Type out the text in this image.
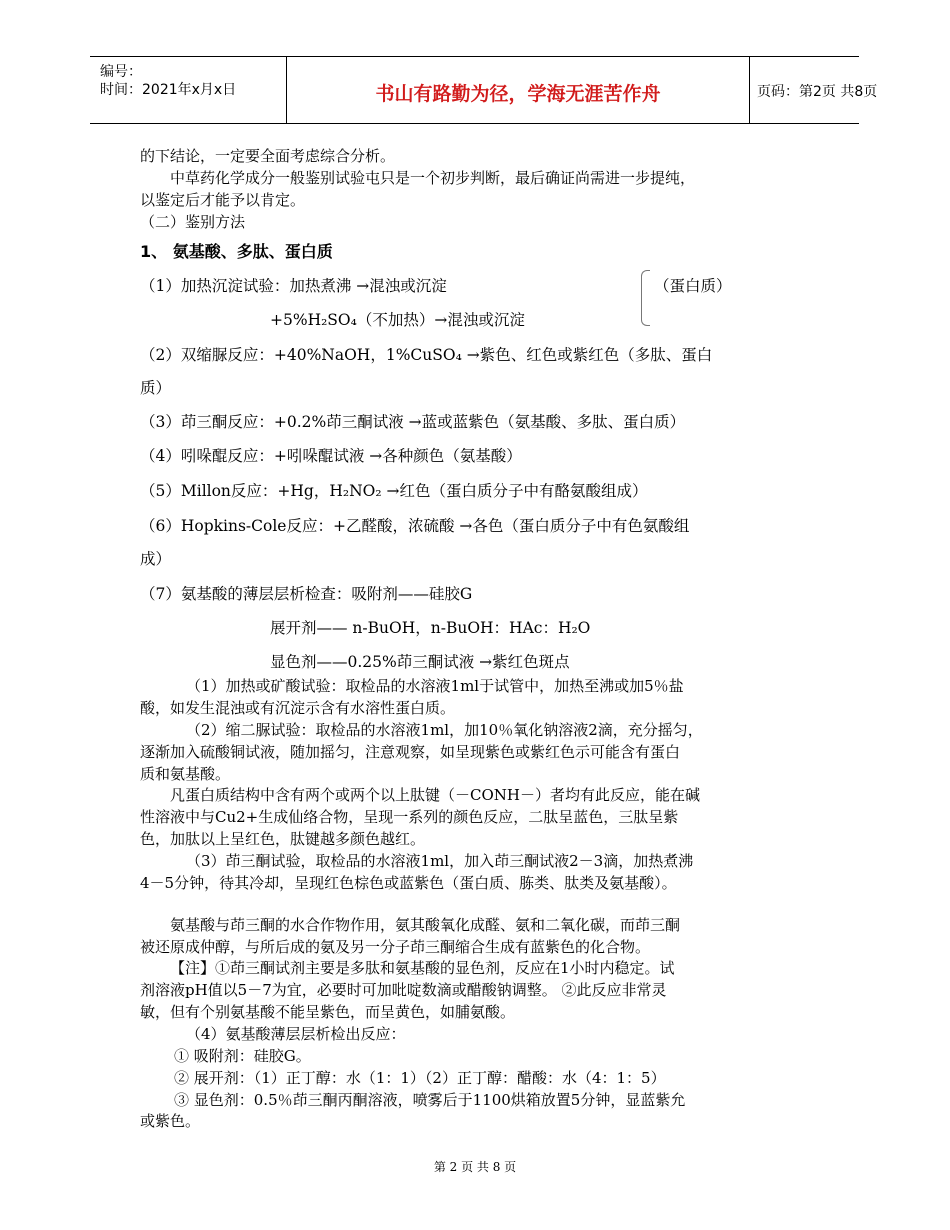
编号：
时间：2021年x月x日	书山有路勤为径，学海无涯苦作舟	页码：第2页 共8页
的下结论，一定要全面考虑综合分析。
中草药化学成分一般鉴别试验屯只是一个初步判断，最后确证尚需进一步提纯，
以鉴定后才能予以肯定。
（二）鉴别方法
1、 氨基酸、多肽、蛋白质
（1）加热沉淀试验：加热煮沸 →混浊或沉淀	（蛋白质）
+5%H₂SO₄（不加热）→混浊或沉淀
（2）双缩脲反应：+40%NaOH，1%CuSO₄ →紫色、红色或紫红色（多肽、蛋白
质）
（3）茚三酮反应：+0.2%茚三酮试液 →蓝或蓝紫色（氨基酸、多肽、蛋白质）
（4）吲哚醌反应：+吲哚醌试液 →各种颜色（氨基酸）
（5）Millon反应：+Hg，H₂NO₂ →红色（蛋白质分子中有酪氨酸组成）
（6）Hopkins-Cole反应：+乙醛酸，浓硫酸 →各色（蛋白质分子中有色氨酸组
成）
（7）氨基酸的薄层层析检查：吸附剂——硅胶G
展开剂—— n-BuOH，n-BuOH：HAc：H₂O
显色剂——0.25%茚三酮试液 →紫红色斑点
（1）加热或矿酸试验：取检品的水溶液1ml于试管中，加热至沸或加5％盐
酸，如发生混浊或有沉淀示含有水溶性蛋白质。
（2）缩二脲试验：取检品的水溶液1ml，加10％氧化钠溶液2滴，充分摇匀，
逐渐加入硫酸铜试液，随加摇匀，注意观察，如呈现紫色或紫红色示可能含有蛋白
质和氨基酸。
凡蛋白质结构中含有两个或两个以上肽键（－CONH－）者均有此反应，能在碱
性溶液中与Cu2+生成仙络合物，呈现一系列的颜色反应，二肽呈蓝色，三肽呈紫
色，加肽以上呈红色，肽键越多颜色越红。
（3）茚三酮试验，取检品的水溶液1ml，加入茚三酮试液2－3滴，加热煮沸
4－5分钟，待其冷却，呈现红色棕色或蓝紫色（蛋白质、胨类、肽类及氨基酸）。
氨基酸与茚三酮的水合作物作用，氨其酸氧化成醛、氨和二氧化碳，而茚三酮
被还原成仲醇，与所后成的氨及另一分子茚三酮缩合生成有蓝紫色的化合物。
【注】①茚三酮试剂主要是多肽和氨基酸的显色剂，反应在1小时内稳定。试
剂溶液pH值以5－7为宜，必要时可加吡啶数滴或醋酸钠调整。 ②此反应非常灵
敏，但有个别氨基酸不能呈紫色，而呈黄色，如脯氨酸。
（4）氨基酸薄层层析检出反应：
① 吸附剂：硅胶G。
② 展开剂：（1）正丁醇：水（1：1）（2）正丁醇：醋酸：水（4：1：5）
③ 显色剂：0.5％茚三酮丙酮溶液，喷雾后于1100烘箱放置5分钟，显蓝紫允
或紫色。
第 2 页 共 8 页
